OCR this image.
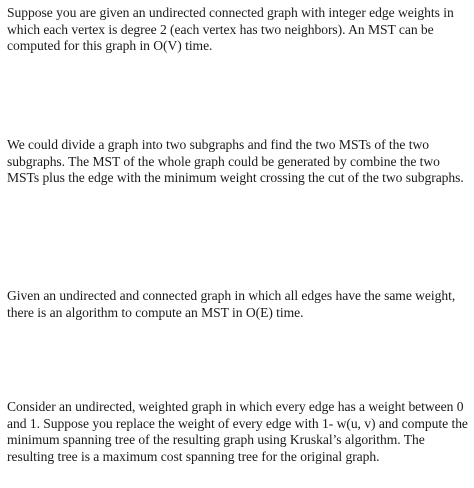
Suppose you are given an undirected connected graph with integer edge weights in which each vertex is degree 2 (each vertex has two neighbors). An MST can be computed for this graph in O(V) time.

We could divide a graph into two subgraphs and find the two MSTs of the two subgraphs. The MST of the whole graph could be generated by combine the two MSTs plus the edge with the minimum weight crossing the cut of the two subgraphs.

Given an undirected and connected graph in which all edges have the same weight, there is an algorithm to compute an MST in O(E) time.

Consider an undirected, weighted graph in which every edge has a weight between 0 and 1. Suppose you replace the weight of every edge with 1- w(u, v) and compute the minimum spanning tree of the resulting graph using Kruskal’s algorithm. The resulting tree is a maximum cost spanning tree for the original graph.
